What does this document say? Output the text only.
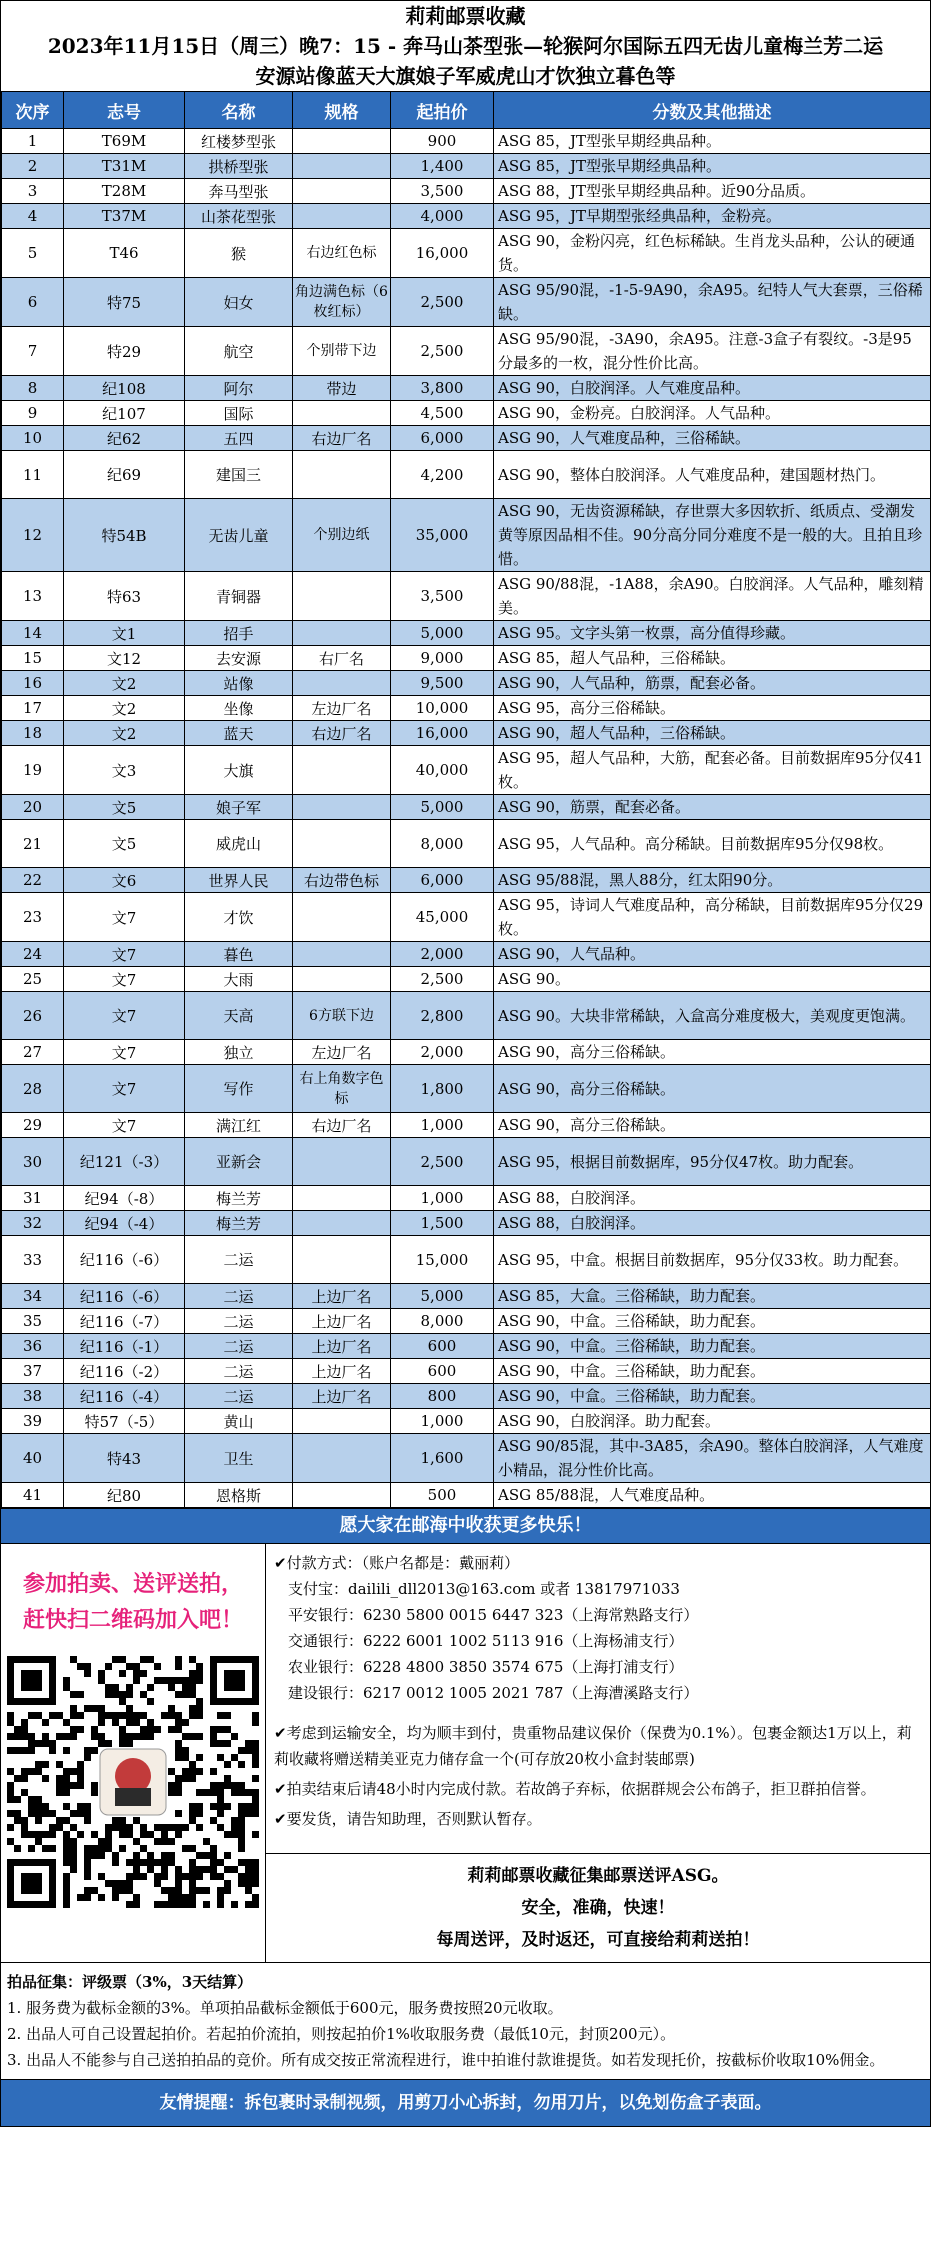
莉莉邮票收藏
2023年11月15日（周三）晚7：15 - 奔马山茶型张—轮猴阿尔国际五四无齿儿童梅兰芳二运
安源站像蓝天大旗娘子军威虎山才饮独立暮色等
次序	志号	名称	规格	起拍价	分数及其他描述
1	T69M	红楼梦型张		900	ASG 85，JT型张早期经典品种。
2	T31M	拱桥型张		1,400	ASG 85，JT型张早期经典品种。
3	T28M	奔马型张		3,500	ASG 88，JT型张早期经典品种。近90分品质。
4	T37M	山茶花型张		4,000	ASG 95，JT早期型张经典品种，金粉亮。
5	T46	猴	右边红色标	16,000	ASG 90，金粉闪亮，红色标稀缺。生肖龙头品种，公认的硬通货。
6	特75	妇女	角边满色标（6枚红标）	2,500	ASG 95/90混，-1-5-9A90，余A95。纪特人气大套票，三俗稀缺。
7	特29	航空	个别带下边	2,500	ASG 95/90混，-3A90，余A95。注意-3盒子有裂纹。-3是95分最多的一枚，混分性价比高。
8	纪108	阿尔	带边	3,800	ASG 90，白胶润泽。人气难度品种。
9	纪107	国际		4,500	ASG 90，金粉亮。白胶润泽。人气品种。
10	纪62	五四	右边厂名	6,000	ASG 90，人气难度品种，三俗稀缺。
11	纪69	建国三		4,200	ASG 90，整体白胶润泽。人气难度品种，建国题材热门。
12	特54B	无齿儿童	个别边纸	35,000	ASG 90，无齿资源稀缺，存世票大多因软折、纸质点、受潮发黄等原因品相不佳。90分高分同分难度不是一般的大。且拍且珍惜。
13	特63	青铜器		3,500	ASG 90/88混，-1A88，余A90。白胶润泽。人气品种，雕刻精美。
14	文1	招手		5,000	ASG 95。文字头第一枚票，高分值得珍藏。
15	文12	去安源	右厂名	9,000	ASG 85，超人气品种，三俗稀缺。
16	文2	站像		9,500	ASG 90，人气品种，筋票，配套必备。
17	文2	坐像	左边厂名	10,000	ASG 95，高分三俗稀缺。
18	文2	蓝天	右边厂名	16,000	ASG 90，超人气品种，三俗稀缺。
19	文3	大旗		40,000	ASG 95，超人气品种，大筋，配套必备。目前数据库95分仅41枚。
20	文5	娘子军		5,000	ASG 90，筋票，配套必备。
21	文5	威虎山		8,000	ASG 95，人气品种。高分稀缺。目前数据库95分仅98枚。
22	文6	世界人民	右边带色标	6,000	ASG 95/88混，黑人88分，红太阳90分。
23	文7	才饮		45,000	ASG 95，诗词人气难度品种，高分稀缺，目前数据库95分仅29枚。
24	文7	暮色		2,000	ASG 90，人气品种。
25	文7	大雨		2,500	ASG 90。
26	文7	天高	6方联下边	2,800	ASG 90。大块非常稀缺，入盒高分难度极大，美观度更饱满。
27	文7	独立	左边厂名	2,000	ASG 90，高分三俗稀缺。
28	文7	写作	右上角数字色标	1,800	ASG 90，高分三俗稀缺。
29	文7	满江红	右边厂名	1,000	ASG 90，高分三俗稀缺。
30	纪121（-3）	亚新会		2,500	ASG 95，根据目前数据库，95分仅47枚。助力配套。
31	纪94（-8）	梅兰芳		1,000	ASG 88，白胶润泽。
32	纪94（-4）	梅兰芳		1,500	ASG 88，白胶润泽。
33	纪116（-6）	二运		15,000	ASG 95，中盒。根据目前数据库，95分仅33枚。助力配套。
34	纪116（-6）	二运	上边厂名	5,000	ASG 85，大盒。三俗稀缺，助力配套。
35	纪116（-7）	二运	上边厂名	8,000	ASG 90，中盒。三俗稀缺，助力配套。
36	纪116（-1）	二运	上边厂名	600	ASG 90，中盒。三俗稀缺，助力配套。
37	纪116（-2）	二运	上边厂名	600	ASG 90，中盒。三俗稀缺，助力配套。
38	纪116（-4）	二运	上边厂名	800	ASG 90，中盒。三俗稀缺，助力配套。
39	特57（-5）	黄山		1,000	ASG 90，白胶润泽。助力配套。
40	特43	卫生		1,600	ASG 90/85混，其中-3A85，余A90。整体白胶润泽，人气难度小精品，混分性价比高。
41	纪80	恩格斯		500	ASG 85/88混，人气难度品种。
愿大家在邮海中收获更多快乐！
参加拍卖、送评送拍，
赶快扫二维码加入吧！
✔付款方式：（账户名都是：戴丽莉）
支付宝：dailili_dll2013@163.com 或者 13817971033
平安银行：6230 5800 0015 6447 323（上海常熟路支行）
交通银行：6222 6001 1002 5113 916（上海杨浦支行）
农业银行：6228 4800 3850 3574 675（上海打浦支行）
建设银行：6217 0012 1005 2021 787（上海漕溪路支行）
✔考虑到运输安全，均为顺丰到付，贵重物品建议保价（保费为0.1%）。包裹金额达1万以上，莉莉收藏将赠送精美亚克力储存盒一个(可存放20枚小盒封装邮票)
✔拍卖结束后请48小时内完成付款。若故鸽子弃标，依据群规会公布鸽子，拒卫群拍信誉。
✔要发货，请告知助理，否则默认暂存。
莉莉邮票收藏征集邮票送评ASG。
安全，准确，快速！
每周送评，及时返还，可直接给莉莉送拍！
拍品征集：评级票（3%，3天结算）
1. 服务费为截标金额的3%。单项拍品截标金额低于600元，服务费按照20元收取。
2. 出品人可自己设置起拍价。若起拍价流拍，则按起拍价1%收取服务费（最低10元，封顶200元）。
3. 出品人不能参与自己送拍拍品的竞价。所有成交按正常流程进行，谁中拍谁付款谁提货。如若发现托价，按截标价收取10%佣金。
友情提醒：拆包裹时录制视频，用剪刀小心拆封，勿用刀片，以免划伤盒子表面。
